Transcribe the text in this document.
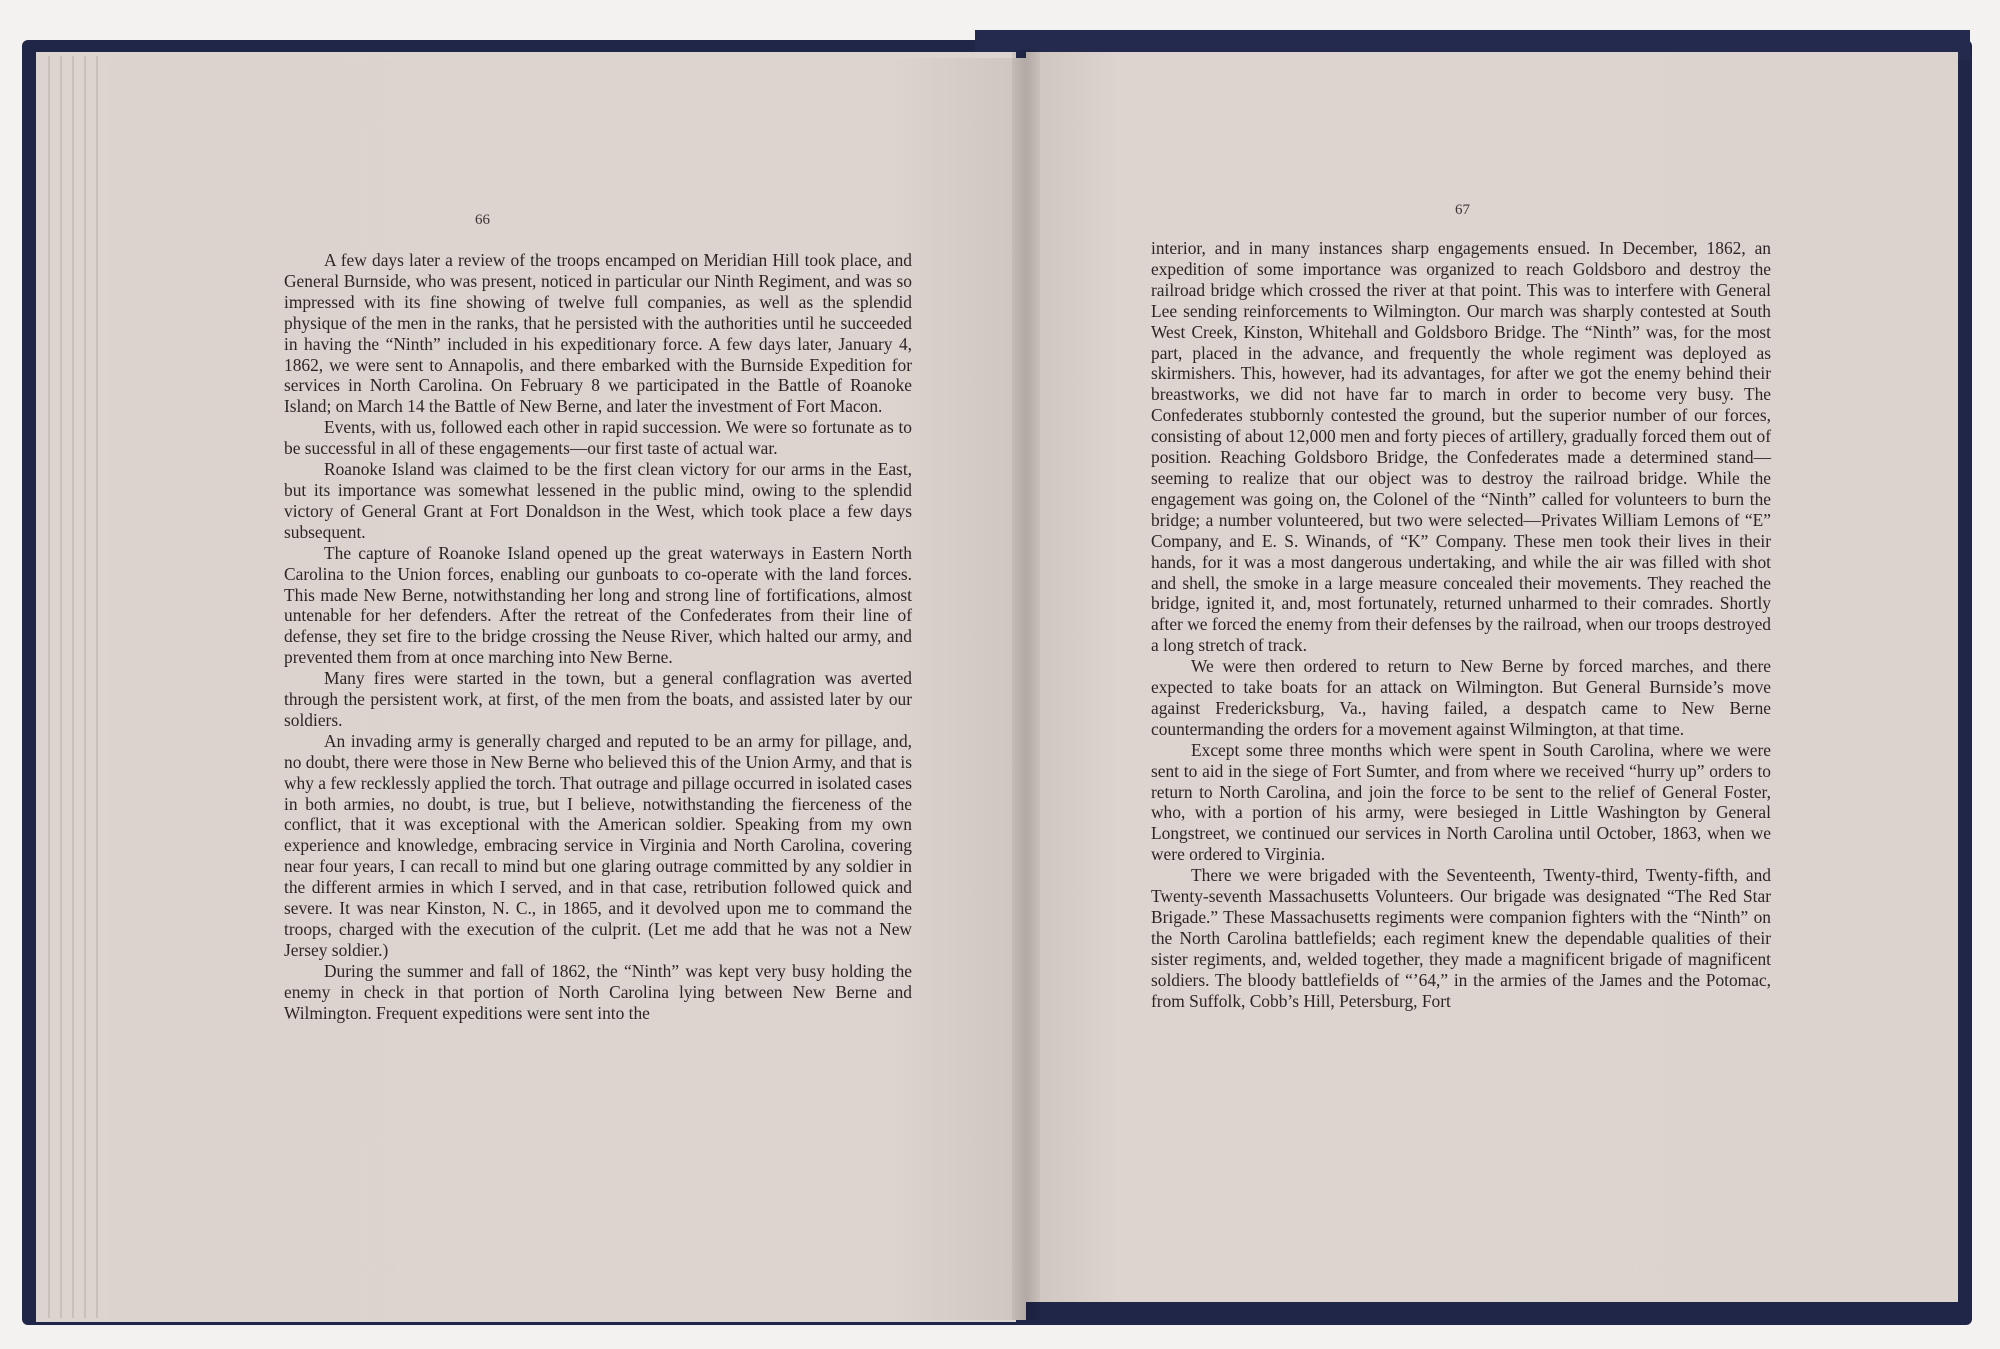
66
67

A few days later a review of the troops encamped on Meridian Hill took place, and General Burnside, who was present, noticed in particular our Ninth Regiment, and was so impressed with its fine showing of twelve full companies, as well as the splendid physique of the men in the ranks, that he persisted with the authorities until he succeeded in having the “Ninth” included in his expeditionary force. A few days later, January 4, 1862, we were sent to Annapolis, and there embarked with the Burnside Expedition for services in North Carolina. On February 8 we participated in the Battle of Roanoke Island; on March 14 the Battle of New Berne, and later the investment of Fort Macon.

Events, with us, followed each other in rapid succession. We were so fortunate as to be successful in all of these engagements—our first taste of actual war.

Roanoke Island was claimed to be the first clean victory for our arms in the East, but its importance was somewhat lessened in the public mind, owing to the splendid victory of General Grant at Fort Donaldson in the West, which took place a few days subsequent.

The capture of Roanoke Island opened up the great waterways in Eastern North Carolina to the Union forces, enabling our gunboats to co-operate with the land forces. This made New Berne, notwithstanding her long and strong line of fortifications, almost untenable for her defenders. After the retreat of the Confederates from their line of defense, they set fire to the bridge crossing the Neuse River, which halted our army, and prevented them from at once marching into New Berne.

Many fires were started in the town, but a general conflagration was averted through the persistent work, at first, of the men from the boats, and assisted later by our soldiers.

An invading army is generally charged and reputed to be an army for pillage, and, no doubt, there were those in New Berne who believed this of the Union Army, and that is why a few recklessly applied the torch. That outrage and pillage occurred in isolated cases in both armies, no doubt, is true, but I believe, notwithstanding the fierceness of the conflict, that it was exceptional with the American soldier. Speaking from my own experience and knowledge, embracing service in Virginia and North Carolina, covering near four years, I can recall to mind but one glaring outrage committed by any soldier in the different armies in which I served, and in that case, retribution followed quick and severe. It was near Kinston, N. C., in 1865, and it devolved upon me to command the troops, charged with the execution of the culprit. (Let me add that he was not a New Jersey soldier.)

During the summer and fall of 1862, the “Ninth” was kept very busy holding the enemy in check in that portion of North Carolina lying between New Berne and Wilmington. Frequent expeditions were sent into the

interior, and in many instances sharp engagements ensued. In December, 1862, an expedition of some importance was organized to reach Goldsboro and destroy the railroad bridge which crossed the river at that point. This was to interfere with General Lee sending reinforcements to Wilmington. Our march was sharply contested at South West Creek, Kinston, Whitehall and Goldsboro Bridge. The “Ninth” was, for the most part, placed in the advance, and frequently the whole regiment was deployed as skirmishers. This, however, had its advantages, for after we got the enemy behind their breastworks, we did not have far to march in order to become very busy. The Confederates stubbornly contested the ground, but the superior number of our forces, consisting of about 12,000 men and forty pieces of artillery, gradually forced them out of position. Reaching Goldsboro Bridge, the Confederates made a determined stand—seeming to realize that our object was to destroy the railroad bridge. While the engagement was going on, the Colonel of the “Ninth” called for volunteers to burn the bridge; a number volunteered, but two were selected—Privates William Lemons of “E” Company, and E. S. Winands, of “K” Company. These men took their lives in their hands, for it was a most dangerous undertaking, and while the air was filled with shot and shell, the smoke in a large measure concealed their movements. They reached the bridge, ignited it, and, most fortunately, returned unharmed to their comrades. Shortly after we forced the enemy from their defenses by the railroad, when our troops destroyed a long stretch of track.

We were then ordered to return to New Berne by forced marches, and there expected to take boats for an attack on Wilmington. But General Burnside’s move against Fredericksburg, Va., having failed, a despatch came to New Berne countermanding the orders for a movement against Wilmington, at that time.

Except some three months which were spent in South Carolina, where we were sent to aid in the siege of Fort Sumter, and from where we received “hurry up” orders to return to North Carolina, and join the force to be sent to the relief of General Foster, who, with a portion of his army, were besieged in Little Washington by General Longstreet, we continued our services in North Carolina until October, 1863, when we were ordered to Virginia.

There we were brigaded with the Seventeenth, Twenty-third, Twenty-fifth, and Twenty-seventh Massachusetts Volunteers. Our brigade was designated “The Red Star Brigade.” These Massachusetts regiments were companion fighters with the “Ninth” on the North Carolina battlefields; each regiment knew the dependable qualities of their sister regiments, and, welded together, they made a magnificent brigade of magnificent soldiers. The bloody battlefields of “’64,” in the armies of the James and the Potomac, from Suffolk, Cobb’s Hill, Petersburg, Fort
